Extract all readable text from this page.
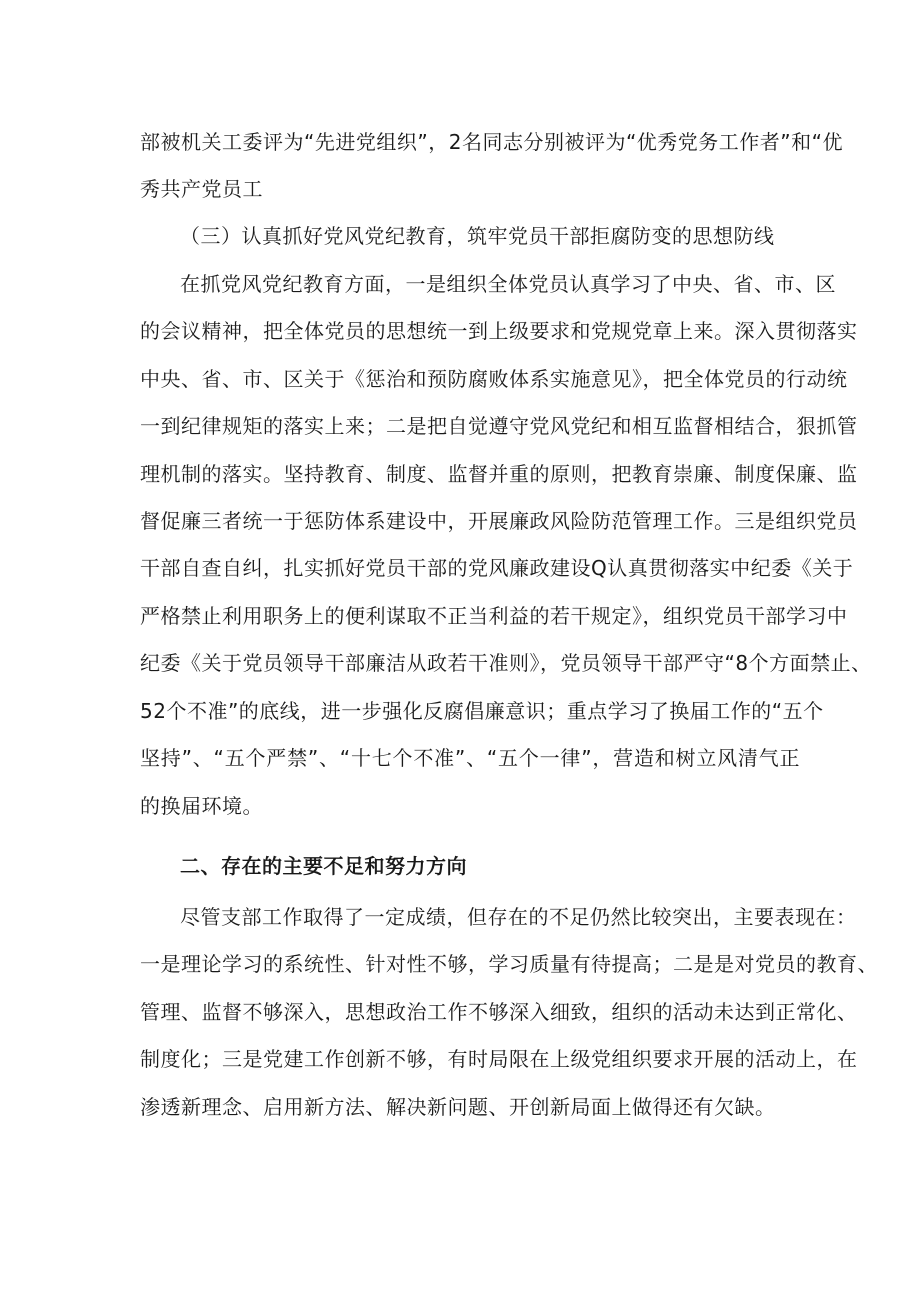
部被机关工委评为“先进党组织”，2名同志分别被评为“优秀党务工作者”和“优
秀共产党员工
（三）认真抓好党风党纪教育，筑牢党员干部拒腐防变的思想防线
在抓党风党纪教育方面，一是组织全体党员认真学习了中央、省、市、区
的会议精神，把全体党员的思想统一到上级要求和党规党章上来。深入贯彻落实
中央、省、市、区关于《惩治和预防腐败体系实施意见》，把全体党员的行动统
一到纪律规矩的落实上来；二是把自觉遵守党风党纪和相互监督相结合，狠抓管
理机制的落实。坚持教育、制度、监督并重的原则，把教育崇廉、制度保廉、监
督促廉三者统一于惩防体系建设中，开展廉政风险防范管理工作。三是组织党员
干部自查自纠，扎实抓好党员干部的党风廉政建设Q认真贯彻落实中纪委《关于
严格禁止利用职务上的便利谋取不正当利益的若干规定》，组织党员干部学习中
纪委《关于党员领导干部廉洁从政若干准则》，党员领导干部严守“8个方面禁止、
52个不准”的底线，进一步强化反腐倡廉意识；重点学习了换届工作的“五个
坚持”、“五个严禁”、“十七个不准”、“五个一律”，营造和树立风清气正
的换届环境。
二、存在的主要不足和努力方向
尽管支部工作取得了一定成绩，但存在的不足仍然比较突出，主要表现在：
一是理论学习的系统性、针对性不够，学习质量有待提高；二是是对党员的教育、
管理、监督不够深入，思想政治工作不够深入细致，组织的活动未达到正常化、
制度化；三是党建工作创新不够，有时局限在上级党组织要求开展的活动上，在
渗透新理念、启用新方法、解决新问题、开创新局面上做得还有欠缺。
